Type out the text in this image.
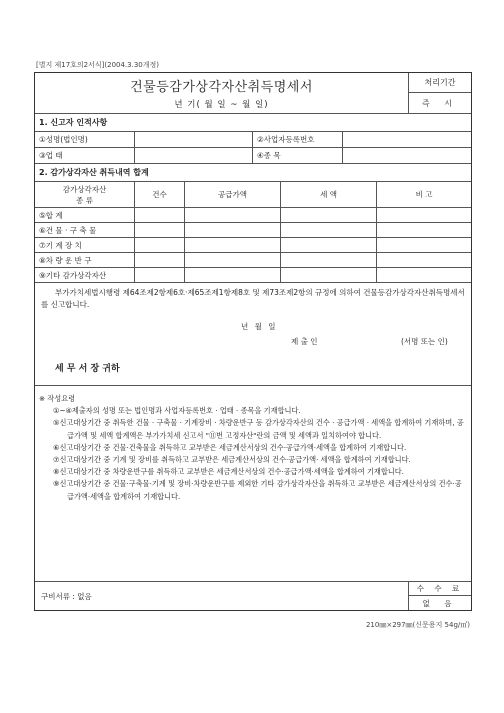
[별지 제17호의2서식](2004.3.30개정)
건물등감가상각자산취득명세서
년 기( 월 일 ~ 월 일)
처리기간
즉 시
1. 신고자 인적사항
①성명(법인명)	②사업자등록번호
③업 태	④종 목
2. 감가상각자산 취득내역 합계
감가상각자산
종 류
건수	공급가액	세 액	비 고
⑤합 계
⑥건 물 · 구 축 물
⑦기 계 장 치
⑧차 량 운 반 구
⑨기타 감가상각자산
부가가치세법시행령 제64조제2항제6호·제65조제1항제8호 및 제73조제2항의 규정에 의하여 건물등감가상각자산취득명세서를 신고합니다.
년 월 일
제 출 인	(서명 또는 인)
세 무 서 장 귀하
※ 작성요령
①~④제출자의 성명 또는 법인명과 사업자등록번호 · 업태 · 종목을 기재합니다.
⑤신고대상기간 중 취득한 건물 · 구축물 · 기계장비 · 차량운반구 등 감가상각자산의 건수 · 공급가액 · 세액을 합계하여 기재하며, 공급가액 및 세액 합계액은 부가가치세 신고서 "⑪번 고정자산"란의 금액 및 세액과 일치하여야 합니다.
⑥신고대상기간 중 건물·건축물을 취득하고 교부받은 세금계산서상의 건수·공급가액·세액을 합계하여 기재합니다.
⑦신고대상기간 중 기계 및 장비를 취득하고 교부받은 세금계산서상의 건수·공급가액· 세액을 합계하여 기재합니다.
⑧신고대상기간 중 차량운반구를 취득하고 교부받은 세금계산서상의 건수·공급가액·세액을 합계하여 기재합니다.
⑨신고대상기간 중 건물·구축물·기계 및 장비·차량운반구를 제외한 기타 감가상각자산을 취득하고 교부받은 세금계산서상의 건수·공급가액·세액을 합계하여 기재합니다.
구비서류 : 없음
수 수 료
없 음
210㎜×297㎜(신문용지 54g/㎡)
